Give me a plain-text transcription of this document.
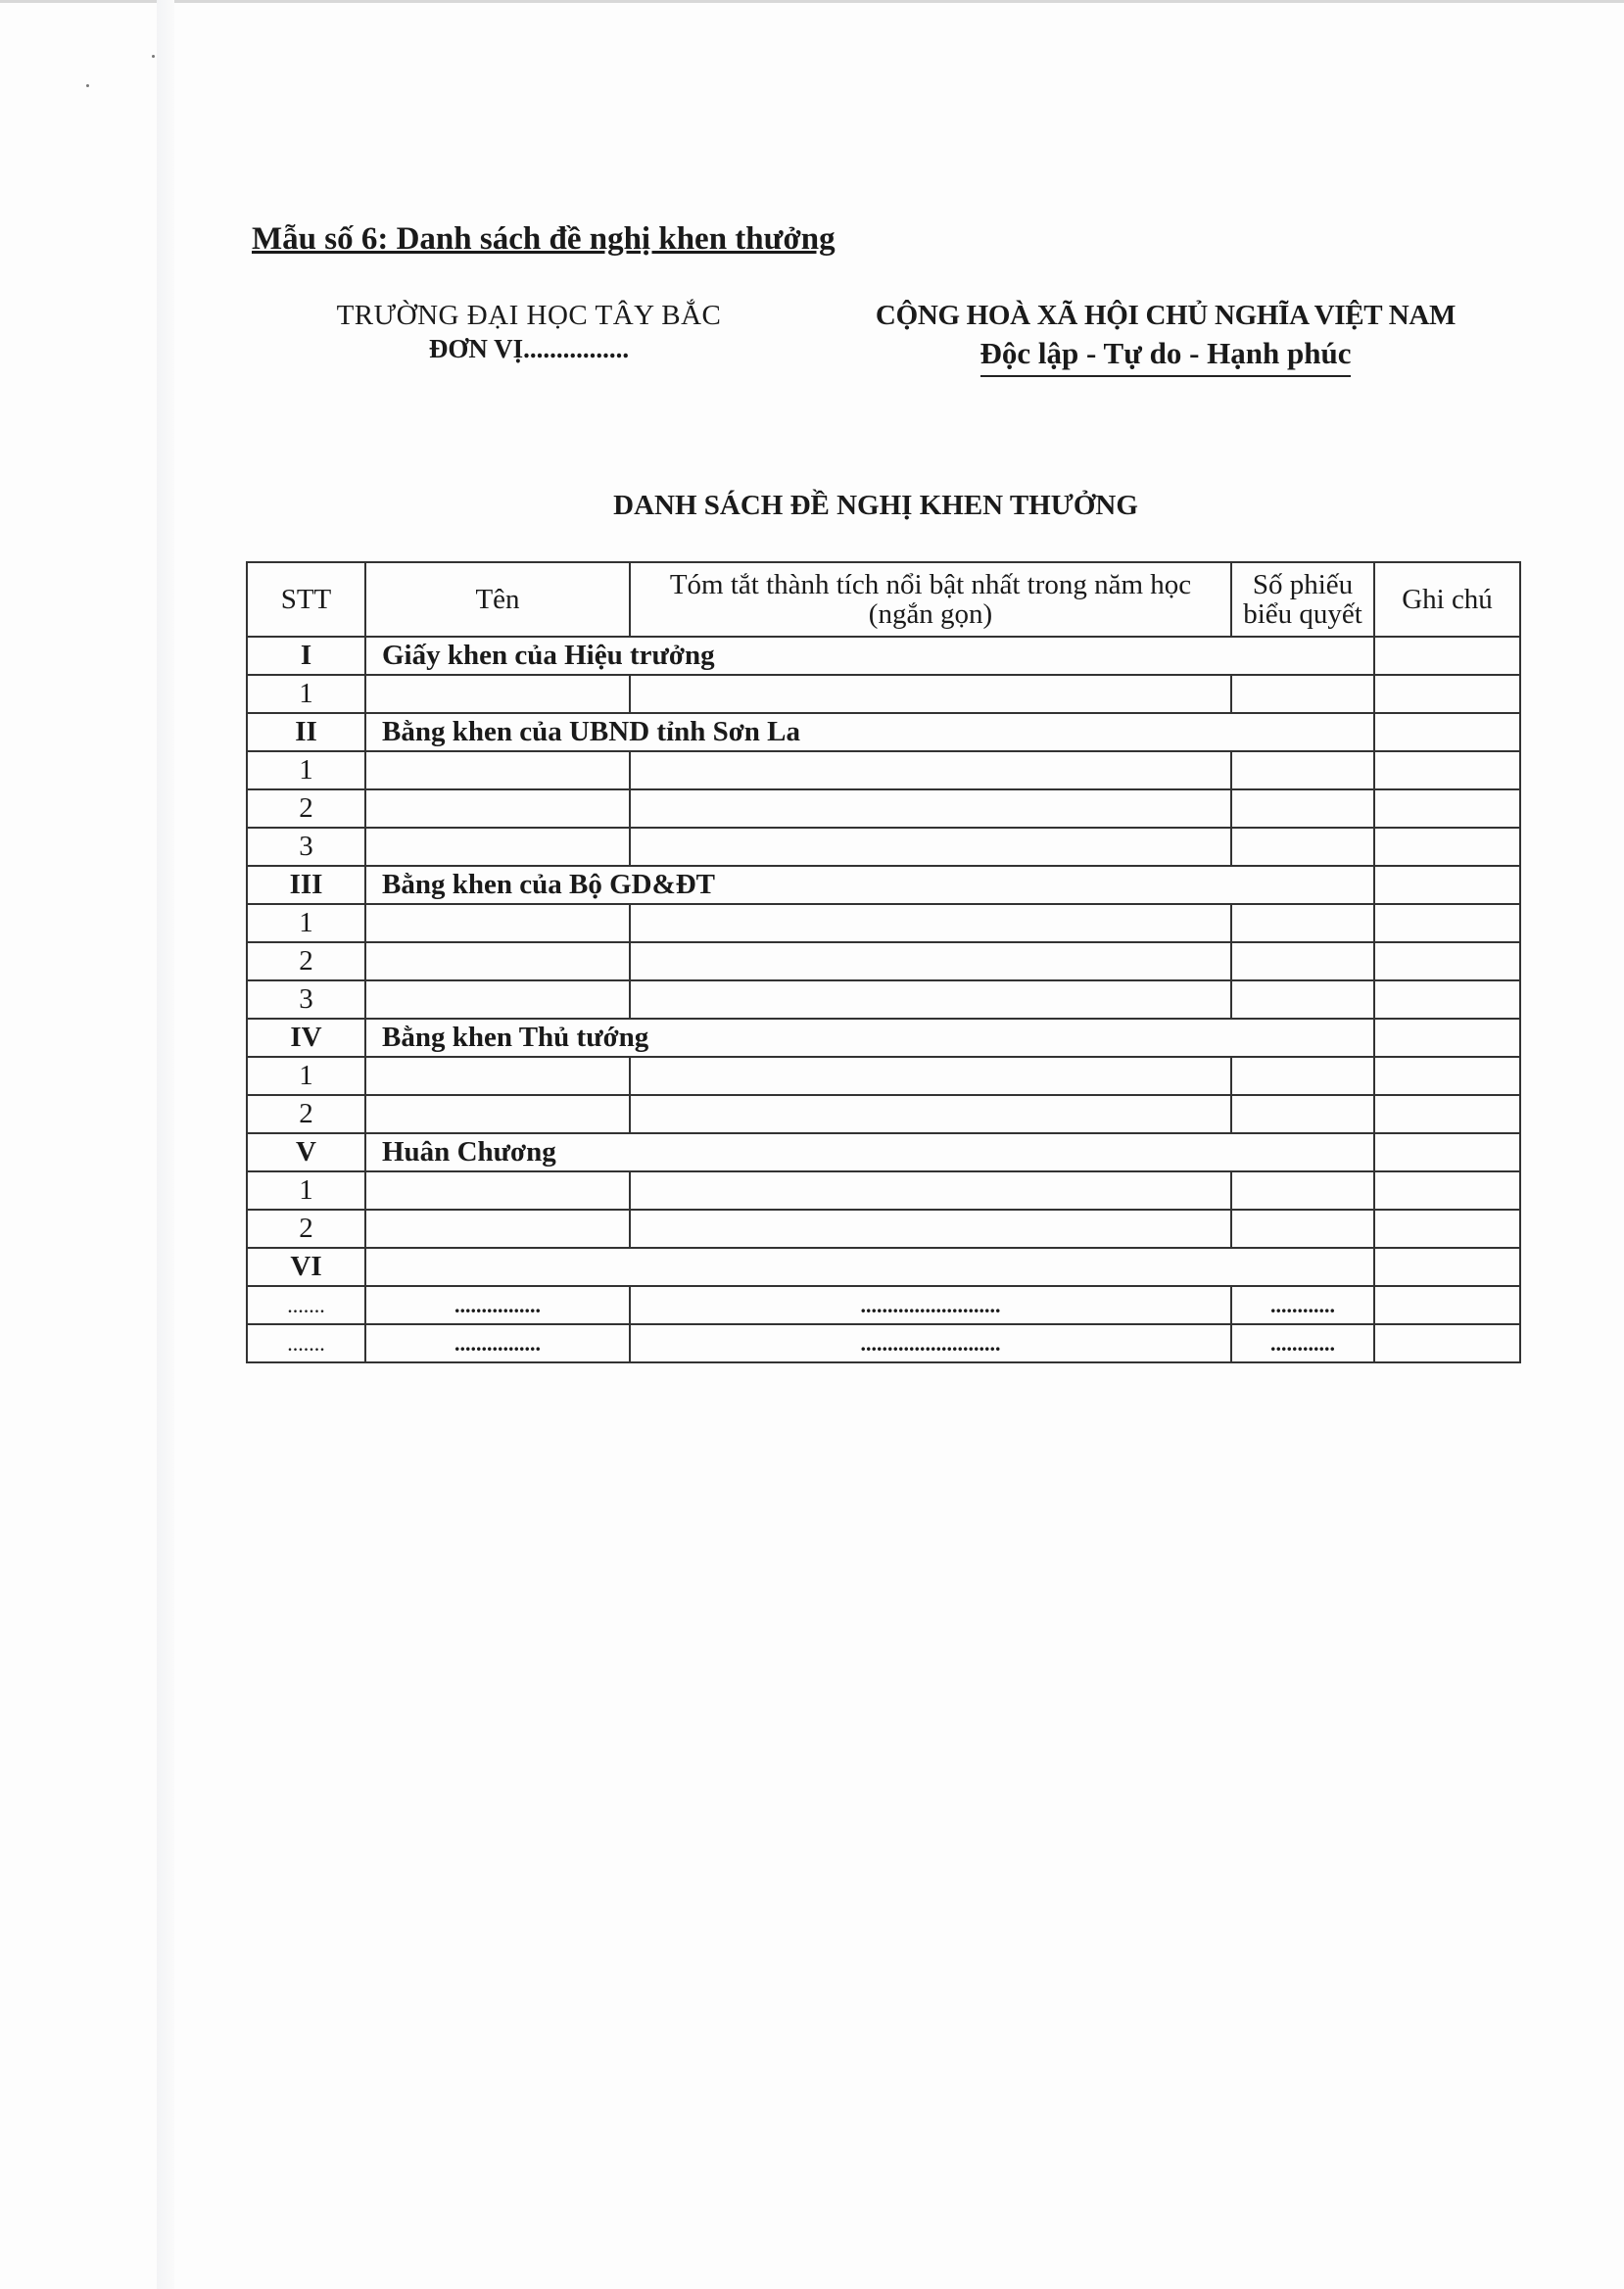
Mẫu số 6: Danh sách đề nghị khen thưởng
TRƯỜNG ĐẠI HỌC TÂY BẮC
ĐƠN VỊ................
CỘNG HOÀ XÃ HỘI CHỦ NGHĨA VIỆT NAM
Độc lập - Tự do - Hạnh phúc
DANH SÁCH ĐỀ NGHỊ KHEN THƯỞNG
STT	Tên	Tóm tắt thành tích nổi bật nhất trong năm học (ngắn gọn)	Số phiếu biểu quyết	Ghi chú
I	Giấy khen của Hiệu trưởng			
1				
II	Bằng khen của UBND tỉnh Sơn La			
1				
2				
3				
III	Bằng khen của Bộ GD&ĐT			
1				
2				
3				
IV	Bằng khen Thủ tướng			
1				
2				
V	Huân Chương			
1				
2				
VI				
.......	................	..........................	............	
.......	................	..........................	............	
